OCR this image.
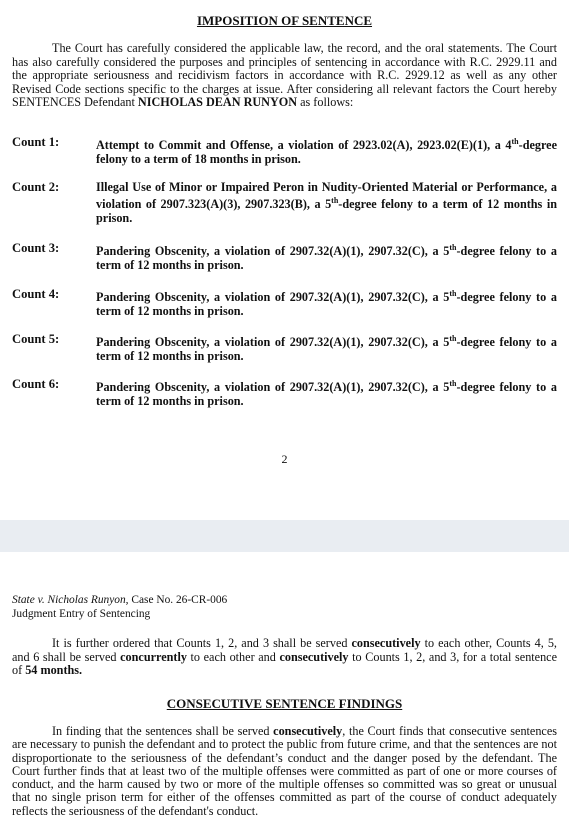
IMPOSITION OF SENTENCE
The Court has carefully considered the applicable law, the record, and the oral statements. The Court has also carefully considered the purposes and principles of sentencing in accordance with R.C. 2929.11 and the appropriate seriousness and recidivism factors in accordance with R.C. 2929.12 as well as any other Revised Code sections specific to the charges at issue. After considering all relevant factors the Court hereby SENTENCES Defendant NICHOLAS DEAN RUNYON as follows:
Count 1:	Attempt to Commit and Offense, a violation of 2923.02(A), 2923.02(E)(1), a 4th-degree felony to a term of 18 months in prison.
Count 2:	Illegal Use of Minor or Impaired Peron in Nudity-Oriented Material or Performance, a violation of 2907.323(A)(3), 2907.323(B), a 5th-degree felony to a term of 12 months in prison.
Count 3:	Pandering Obscenity, a violation of 2907.32(A)(1), 2907.32(C), a 5th-degree felony to a term of 12 months in prison.
Count 4:	Pandering Obscenity, a violation of 2907.32(A)(1), 2907.32(C), a 5th-degree felony to a term of 12 months in prison.
Count 5:	Pandering Obscenity, a violation of 2907.32(A)(1), 2907.32(C), a 5th-degree felony to a term of 12 months in prison.
Count 6:	Pandering Obscenity, a violation of 2907.32(A)(1), 2907.32(C), a 5th-degree felony to a term of 12 months in prison.
2
State v. Nicholas Runyon, Case No. 26-CR-006
Judgment Entry of Sentencing
It is further ordered that Counts 1, 2, and 3 shall be served consecutively to each other, Counts 4, 5, and 6 shall be served concurrently to each other and consecutively to Counts 1, 2, and 3, for a total sentence of 54 months.
CONSECUTIVE SENTENCE FINDINGS
In finding that the sentences shall be served consecutively, the Court finds that consecutive sentences are necessary to punish the defendant and to protect the public from future crime, and that the sentences are not disproportionate to the seriousness of the defendant’s conduct and the danger posed by the defendant. The Court further finds that at least two of the multiple offenses were committed as part of one or more courses of conduct, and the harm caused by two or more of the multiple offenses so committed was so great or unusual that no single prison term for either of the offenses committed as part of the course of conduct adequately reflects the seriousness of the defendant's conduct.
